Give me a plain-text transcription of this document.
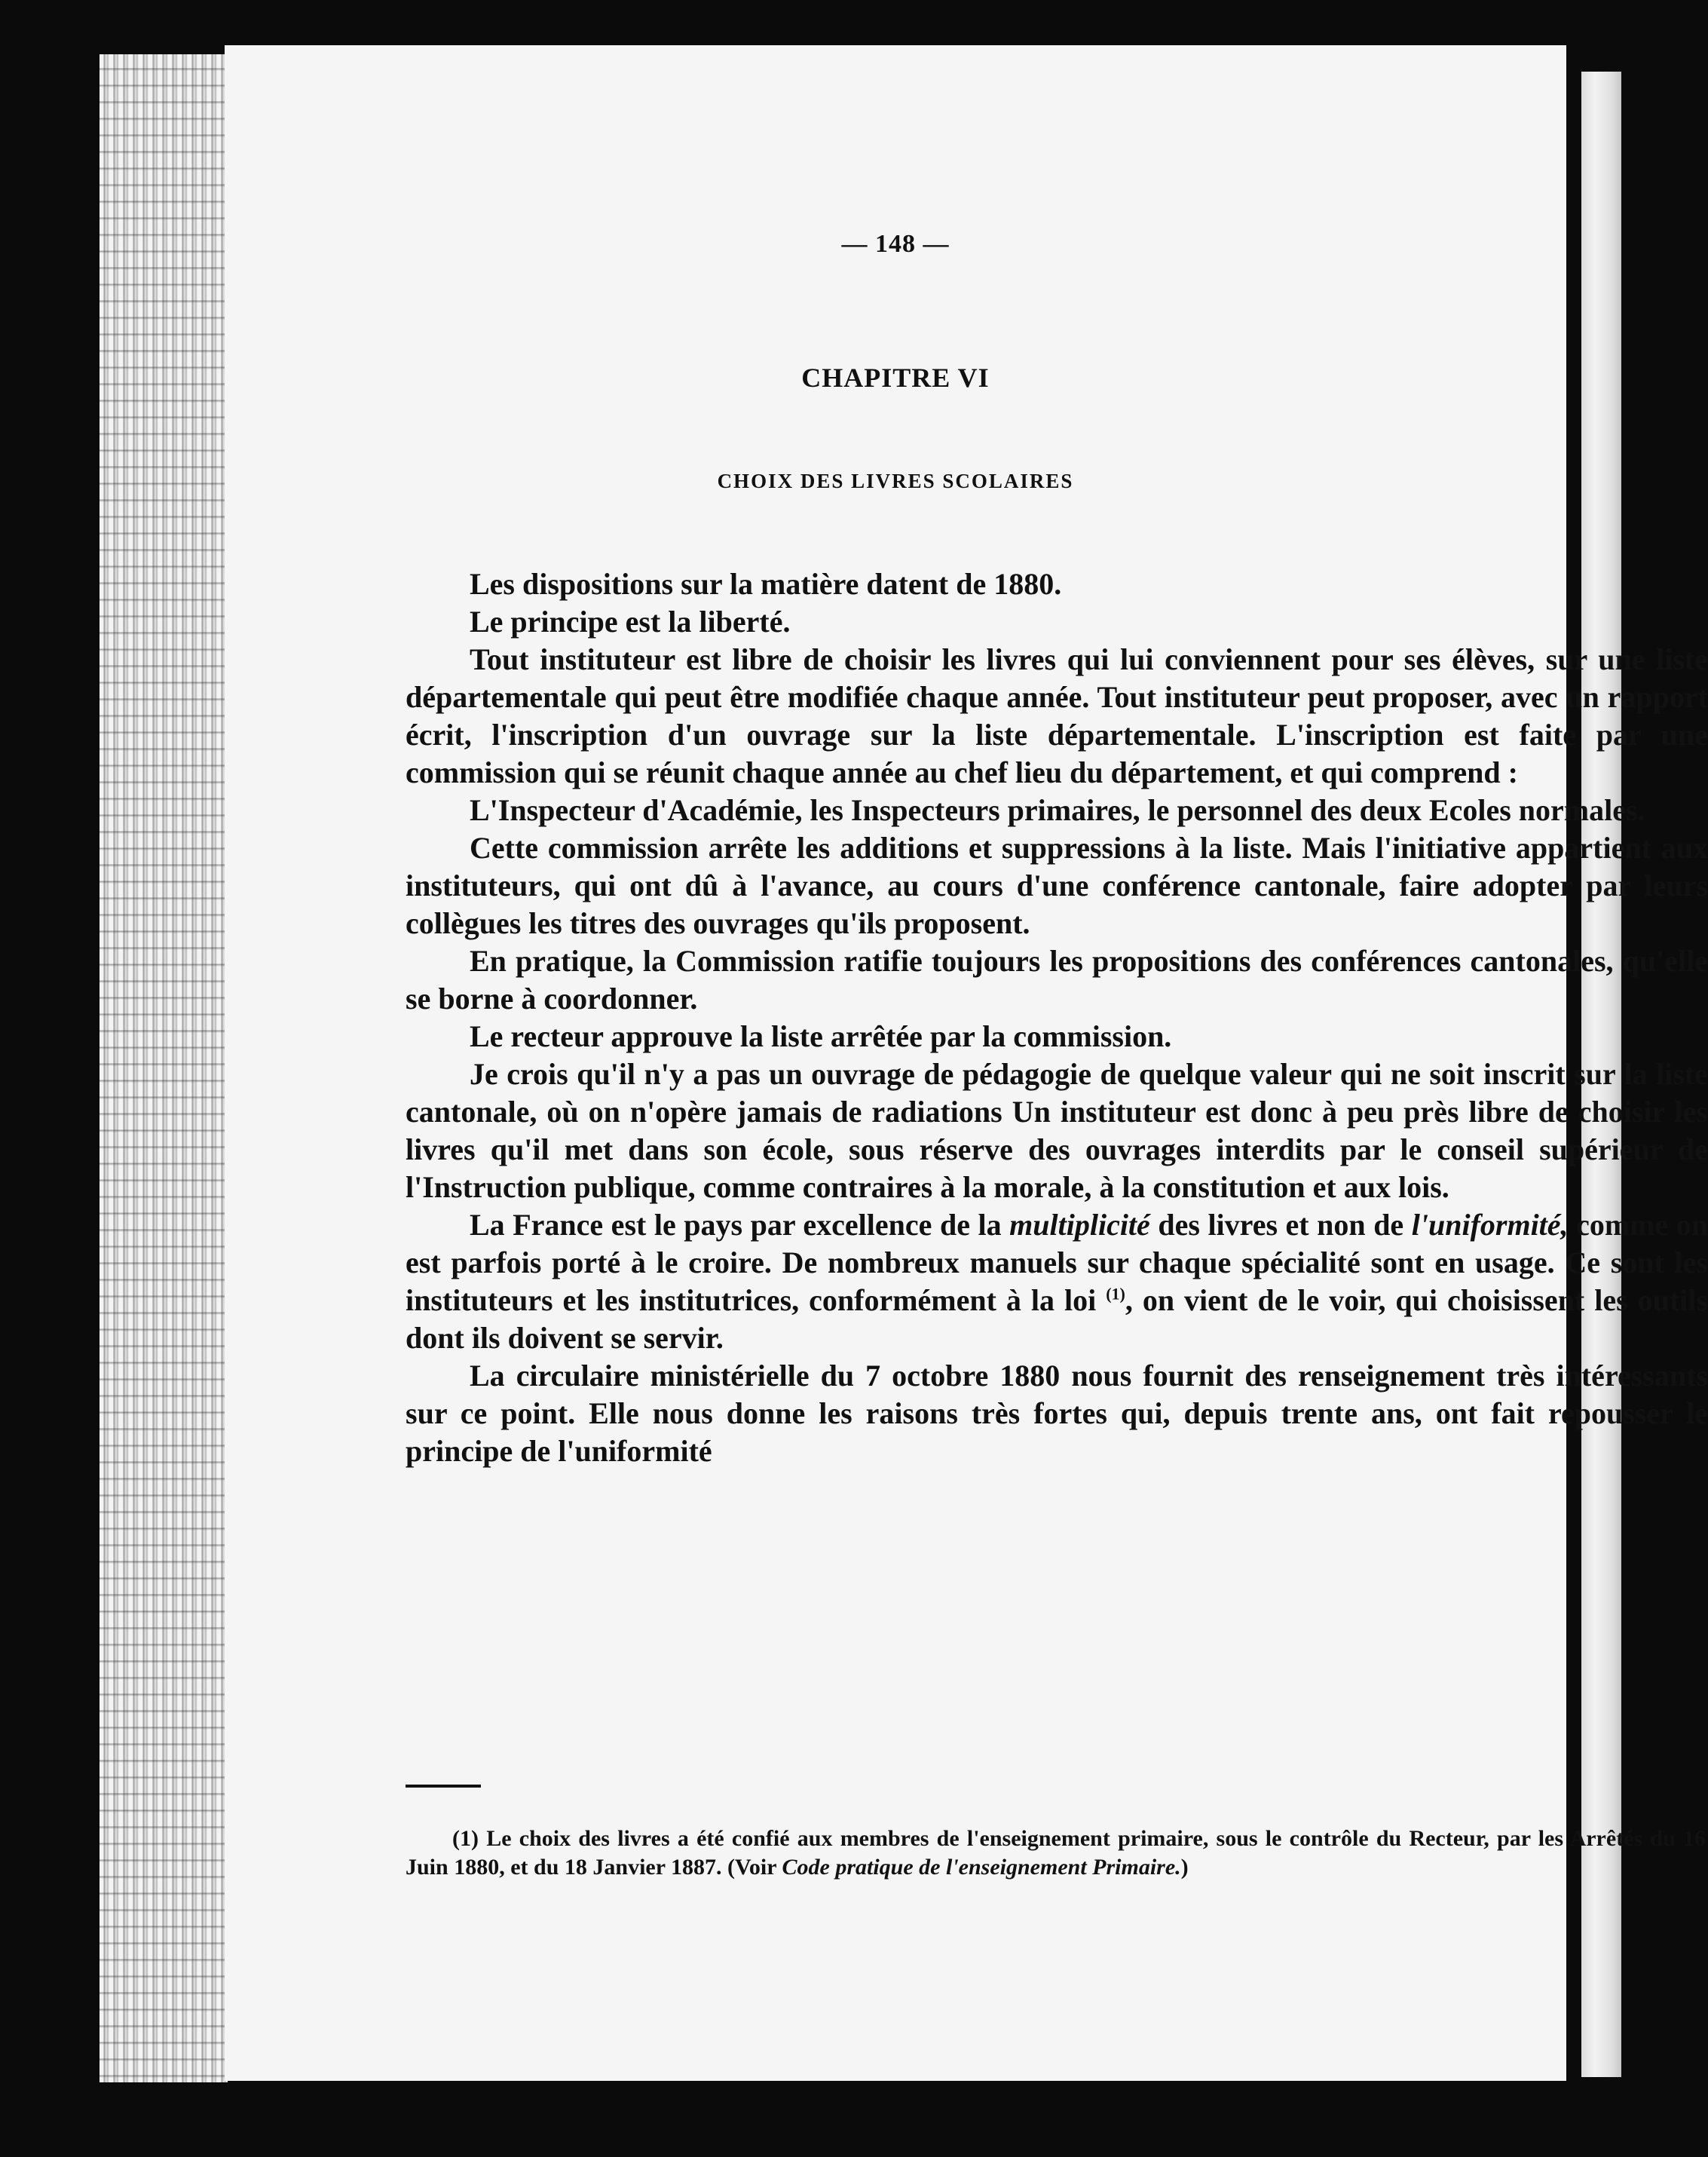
— 148 —
CHAPITRE VI
CHOIX DES LIVRES SCOLAIRES

Les dispositions sur la matière datent de 1880.

Le principe est la liberté.

Tout instituteur est libre de choisir les livres qui lui conviennent pour ses élèves, sur une liste départementale qui peut être modifiée chaque année. Tout instituteur peut proposer, avec un rapport écrit, l'inscription d'un ouvrage sur la liste départementale. L'inscription est faite par une commission qui se réunit chaque année au chef lieu du département, et qui comprend :

L'Inspecteur d'Académie, les Inspecteurs primaires, le personnel des deux Ecoles normales.

Cette commission arrête les additions et suppressions à la liste. Mais l'initiative appartient aux instituteurs, qui ont dû à l'avance, au cours d'une conférence cantonale, faire adopter par leurs collègues les titres des ouvrages qu'ils proposent.

En pratique, la Commission ratifie toujours les propositions des conférences cantonales, qu'elle se borne à coordonner.

Le recteur approuve la liste arrêtée par la commission.

Je crois qu'il n'y a pas un ouvrage de pédagogie de quelque valeur qui ne soit inscrit sur la liste cantonale, où on n'opère jamais de radiations Un instituteur est donc à peu près libre de choisir les livres qu'il met dans son école, sous réserve des ouvrages interdits par le conseil supérieur de l'Instruction publique, comme contraires à la morale, à la constitution et aux lois.

La France est le pays par excellence de la multiplicité des livres et non de l'uniformité, comme on est parfois porté à le croire. De nombreux manuels sur chaque spécialité sont en usage. Ce sont les instituteurs et les institutrices, conformément à la loi $^{(1)}$, on vient de le voir, qui choisissent les outils dont ils doivent se servir.

La circulaire ministérielle du 7 octobre 1880 nous fournit des renseignement très intéressants sur ce point. Elle nous donne les raisons très fortes qui, depuis trente ans, ont fait repousser le principe de l'uniformité

(1) Le choix des livres a été confié aux membres de l'enseignement primaire, sous le contrôle du Recteur, par les Arrêtés du 16 Juin 1880, et du 18 Janvier 1887. (Voir Code pratique de l'enseignement Primaire.)
